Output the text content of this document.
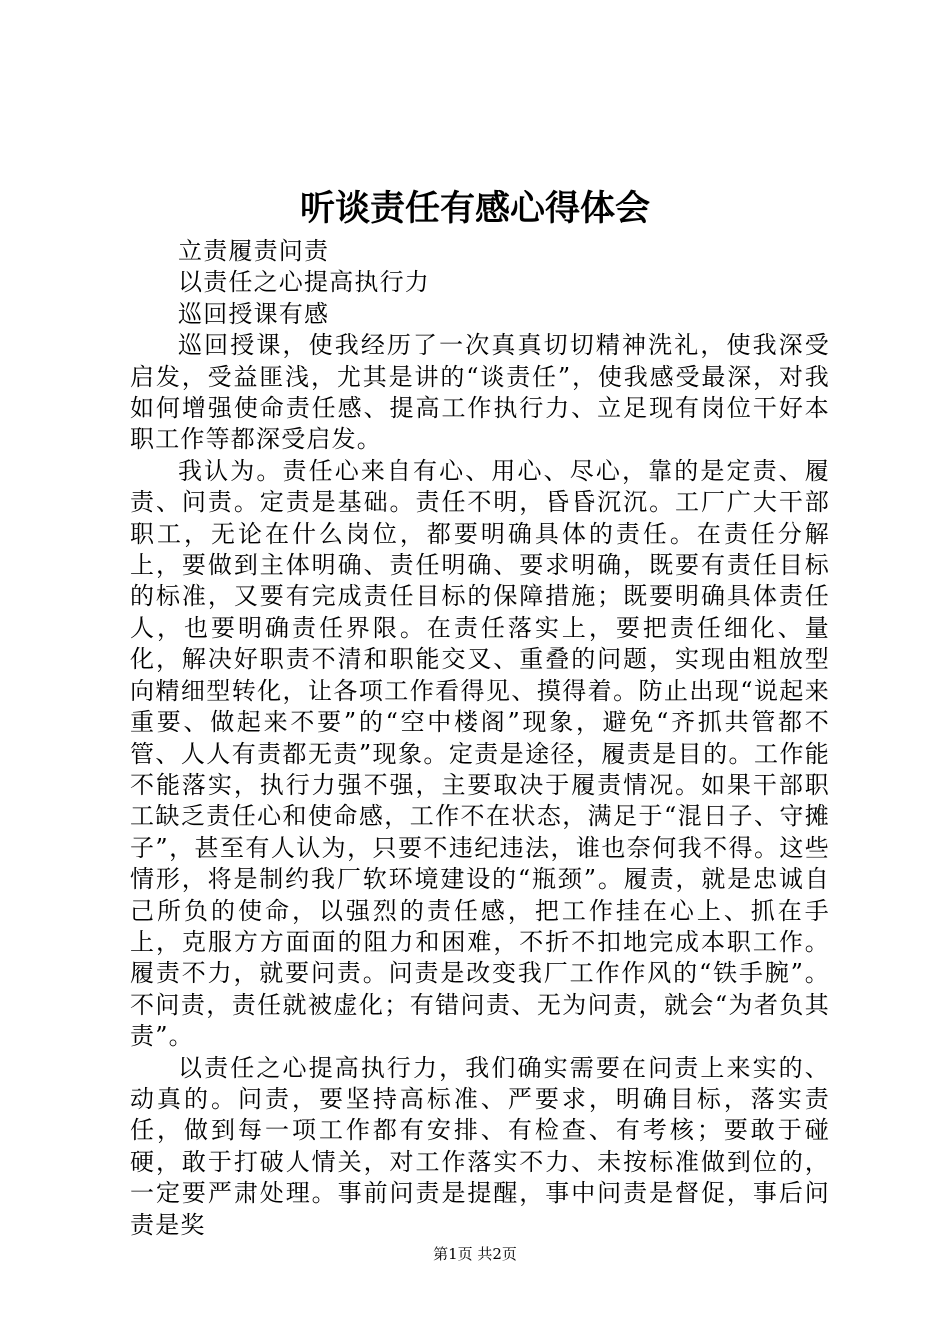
听谈责任有感心得体会

立责履责问责

以责任之心提高执行力

巡回授课有感

巡回授课，使我经历了一次真真切切精神洗礼，使我深受启发，受益匪浅，尤其是讲的“谈责任”，使我感受最深，对我如何增强使命责任感、提高工作执行力、立足现有岗位干好本职工作等都深受启发。

我认为。责任心来自有心、用心、尽心，靠的是定责、履责、问责。定责是基础。责任不明，昏昏沉沉。工厂广大干部职工，无论在什么岗位，都要明确具体的责任。在责任分解上，要做到主体明确、责任明确、要求明确，既要有责任目标的标准，又要有完成责任目标的保障措施；既要明确具体责任人，也要明确责任界限。在责任落实上，要把责任细化、量化，解决好职责不清和职能交叉、重叠的问题，实现由粗放型向精细型转化，让各项工作看得见、摸得着。防止出现“说起来重要、做起来不要”的“空中楼阁”现象，避免“齐抓共管都不管、人人有责都无责”现象。定责是途径，履责是目的。工作能不能落实，执行力强不强，主要取决于履责情况。如果干部职工缺乏责任心和使命感，工作不在状态，满足于“混日子、守摊子”，甚至有人认为，只要不违纪违法，谁也奈何我不得。这些情形，将是制约我厂软环境建设的“瓶颈”。履责，就是忠诚自己所负的使命，以强烈的责任感，把工作挂在心上、抓在手上，克服方方面面的阻力和困难，不折不扣地完成本职工作。履责不力，就要问责。问责是改变我厂工作作风的“铁手腕”。不问责，责任就被虚化；有错问责、无为问责，就会“为者负其责”。

以责任之心提高执行力，我们确实需要在问责上来实的、动真的。问责，要坚持高标准、严要求，明确目标，落实责任，做到每一项工作都有安排、有检查、有考核；要敢于碰硬，敢于打破人情关，对工作落实不力、未按标准做到位的，一定要严肃处理。事前问责是提醒，事中问责是督促，事后问责是奖

第1页 共2页
